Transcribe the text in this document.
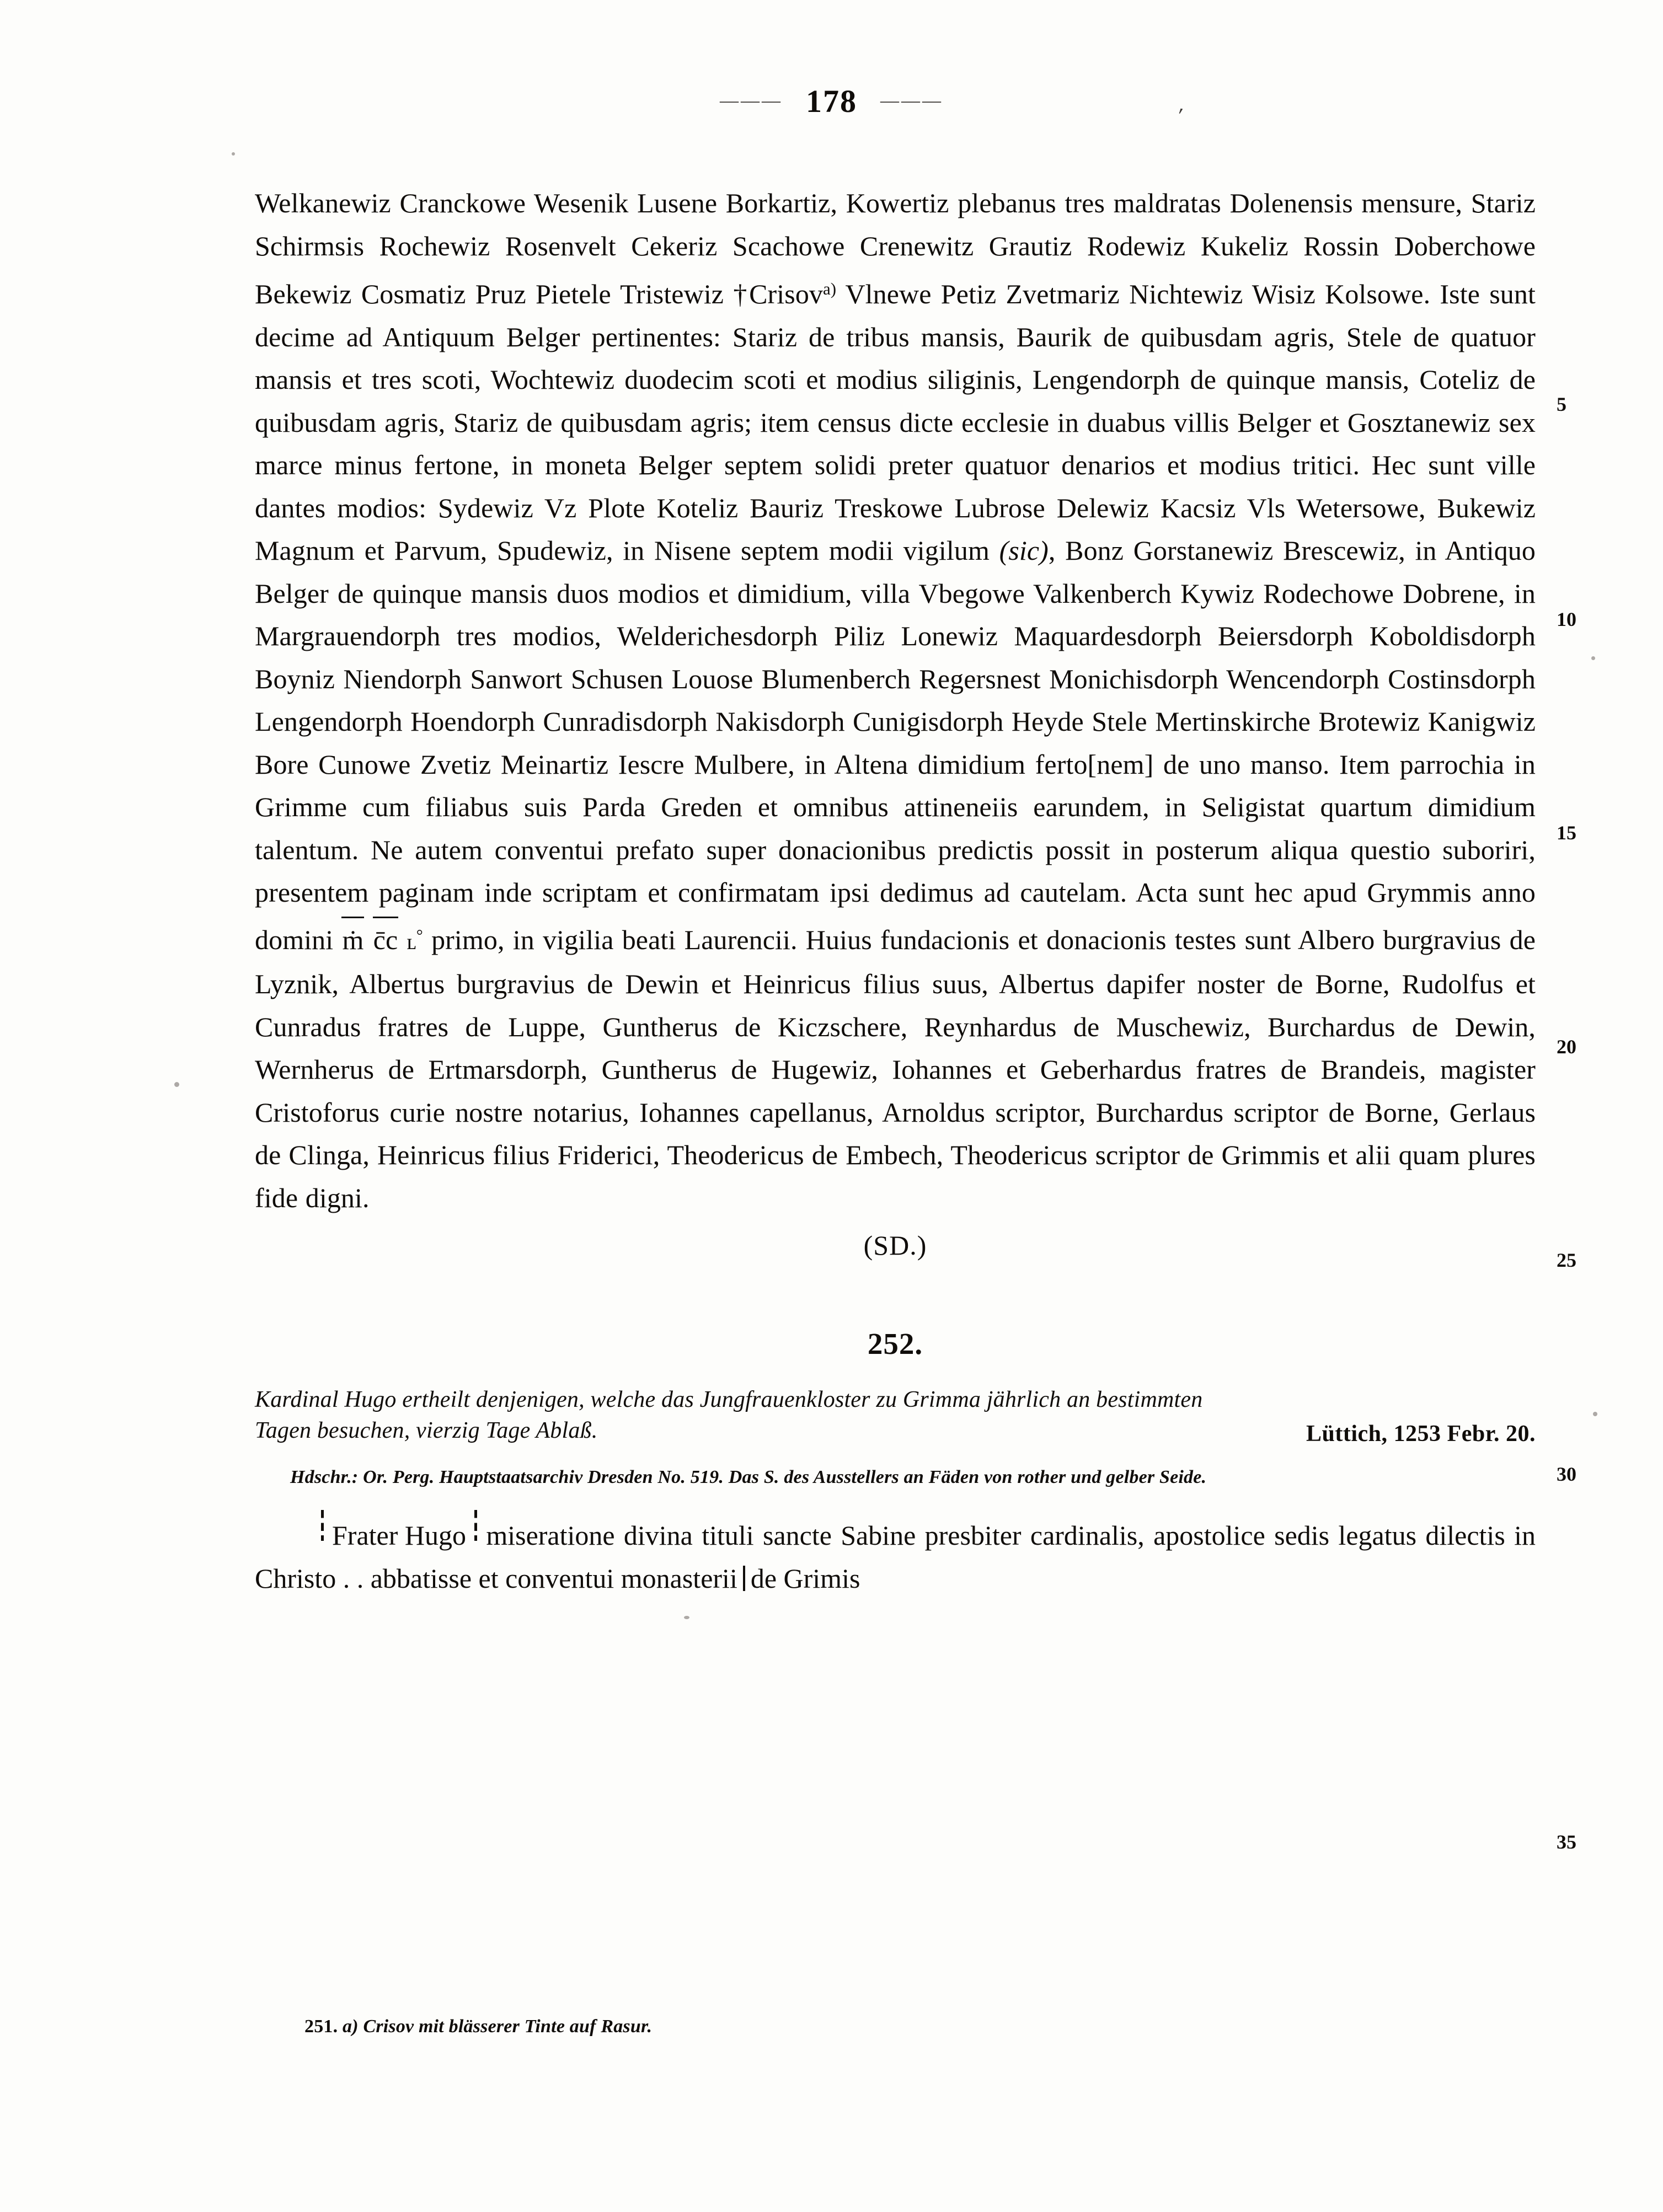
——— 178 ———
′
5
10
15
20
25
30
35
Welkanewiz Cranckowe Wesenik Lusene Borkartiz, Kowertiz plebanus tres maldratas Dolenensis mensure, Stariz Schirmsis Rochewiz Rosenvelt Cekeriz Scachowe Crenewitz Grautiz Rodewiz Kukeliz Rossin Doberchowe Bekewiz Cosmatiz Pruz Pietele Tristewiz †Crisov$^{a)}$ Vlnewe Petiz Zvetmariz Nichtewiz Wisiz Kolsowe. Iste sunt decime ad Antiquum Belger pertinentes: Stariz de tribus mansis, Baurik de quibusdam agris, Stele de quatuor mansis et tres scoti, Wochtewiz duodecim scoti et modius siliginis, Lengendorph de quinque mansis, Coteliz de quibusdam agris, Stariz de quibusdam agris; item census dicte ecclesie in duabus villis Belger et Gosztanewiz sex marce minus fertone, in moneta Belger septem solidi preter quatuor denarios et modius tritici. Hec sunt ville dantes modios: Sydewiz Vz Plote Koteliz Bauriz Treskowe Lubrose Delewiz Kacsiz Vls Wetersowe, Bukewiz Magnum et Parvum, Spudewiz, in Nisene septem modii vigilum (sic), Bonz Gorstanewiz Brescewiz, in Antiquo Belger de quinque mansis duos modios et dimidium, villa Vbegowe Valkenberch Kywiz Rodechowe Dobrene, in Margrauendorph tres modios, Welderichesdorph Piliz Lonewiz Maquardesdorph Beiersdorph Koboldisdorph Boyniz Niendorph Sanwort Schusen Louose Blumenberch Regersnest Monichisdorph Wencendorph Costinsdorph Lengendorph Hoendorph Cunradisdorph Nakisdorph Cunigisdorph Heyde Stele Mertinskirche Brotewiz Kanigwiz Bore Cunowe Zvetiz Meinartiz Iescre Mulbere, in Altena dimidium ferto[nem] de uno manso. Item parrochia in Grimme cum filiabus suis Parda Greden et omnibus attineneiis earundem, in Seligistat quartum dimidium talentum. Ne autem conventui prefato super donacionibus predictis possit in posterum aliqua questio suboriri, presentem paginam inde scriptam et confirmatam ipsi dedimus ad cautelam. Acta sunt hec apud Grymmis anno domini ṁ c̄c ʟ° primo, in vigilia beati Laurencii. Huius fundacionis et donacionis testes sunt Albero burgravius de Lyznik, Albertus burgravius de Dewin et Heinricus filius suus, Albertus dapifer noster de Borne, Rudolfus et Cunradus fratres de Luppe, Guntherus de Kiczschere, Reynhardus de Muschewiz, Burchardus de Dewin, Wernherus de Ertmarsdorph, Guntherus de Hugewiz, Iohannes et Geberhardus fratres de Brandeis, magister Cristoforus curie nostre notarius, Iohannes capellanus, Arnoldus scriptor, Burchardus scriptor de Borne, Gerlaus de Clinga, Heinricus filius Friderici, Theodericus de Embech, Theodericus scriptor de Grimmis et alii quam plures fide digni.
(SD.)
252.
Kardinal Hugo ertheilt denjenigen, welche das Jungfrauenkloster zu Grimma jährlich an bestimmten
Tagen besuchen, vierzig Tage Ablaß.	Lüttich, 1253 Febr. 20.
Hdschr.: Or. Perg. Hauptstaatsarchiv Dresden No. 519. Das S. des Ausstellers an Fäden von rother und gelber Seide.
Frater Hugo miseratione divina tituli sancte Sabine presbiter cardinalis, apostolice sedis legatus dilectis in Christo . . abbatisse et conventui monasterii de Grimis
251. a) Crisov mit blässerer Tinte auf Rasur.
